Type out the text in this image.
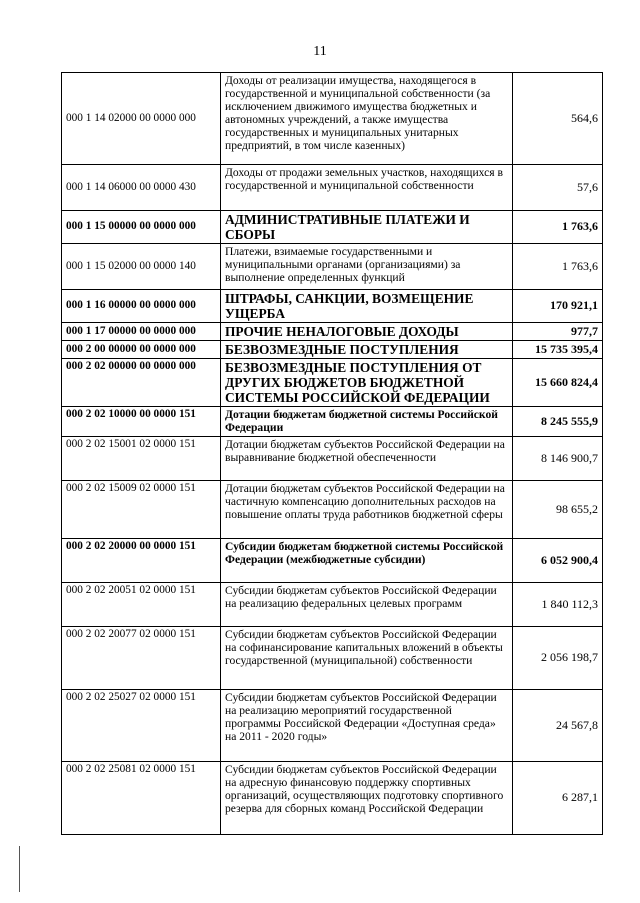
11
000 1 14 02000 00 0000 000	Доходы от реализации имущества, находящегося в государственной и муниципальной собственности (за исключением движимого имущества бюджетных и автономных учреждений, а также имущества государственных и муниципальных унитарных предприятий, в том числе казенных)	564,6
000 1 14 06000 00 0000 430	Доходы от продажи земельных участков, находящихся в государственной и муниципальной собственности	57,6
000 1 15 00000 00 0000 000	АДМИНИСТРАТИВНЫЕ ПЛАТЕЖИ И СБОРЫ	1 763,6
000 1 15 02000 00 0000 140	Платежи, взимаемые государственными и муниципальными органами (организациями) за выполнение определенных функций	1 763,6
000 1 16 00000 00 0000 000	ШТРАФЫ, САНКЦИИ, ВОЗМЕЩЕНИЕ УЩЕРБА	170 921,1
000 1 17 00000 00 0000 000	ПРОЧИЕ НЕНАЛОГОВЫЕ ДОХОДЫ	977,7
000 2 00 00000 00 0000 000	БЕЗВОЗМЕЗДНЫЕ ПОСТУПЛЕНИЯ	15 735 395,4
000 2 02 00000 00 0000 000	БЕЗВОЗМЕЗДНЫЕ ПОСТУПЛЕНИЯ ОТ ДРУГИХ БЮДЖЕТОВ БЮДЖЕТНОЙ СИСТЕМЫ РОССИЙСКОЙ ФЕДЕРАЦИИ	15 660 824,4
000 2 02 10000 00 0000 151	Дотации бюджетам бюджетной системы Российской Федерации	8 245 555,9
000 2 02 15001 02 0000 151	Дотации бюджетам субъектов Российской Федерации на выравнивание бюджетной обеспеченности	8 146 900,7
000 2 02 15009 02 0000 151	Дотации бюджетам субъектов Российской Федерации на частичную компенсацию дополнительных расходов на повышение оплаты труда работников бюджетной сферы	98 655,2
000 2 02 20000 00 0000 151	Субсидии бюджетам бюджетной системы Российской Федерации (межбюджетные субсидии)	6 052 900,4
000 2 02 20051 02 0000 151	Субсидии бюджетам субъектов Российской Федерации на реализацию федеральных целевых программ	1 840 112,3
000 2 02 20077 02 0000 151	Субсидии бюджетам субъектов Российской Федерации на софинансирование капитальных вложений в объекты государственной (муниципальной) собственности	2 056 198,7
000 2 02 25027 02 0000 151	Субсидии бюджетам субъектов Российской Федерации на реализацию мероприятий государственной программы Российской Федерации «Доступная среда» на 2011 - 2020 годы»	24 567,8
000 2 02 25081 02 0000 151	Субсидии бюджетам субъектов Российской Федерации на адресную финансовую поддержку спортивных организаций, осуществляющих подготовку спортивного резерва для сборных команд Российской Федерации	6 287,1
